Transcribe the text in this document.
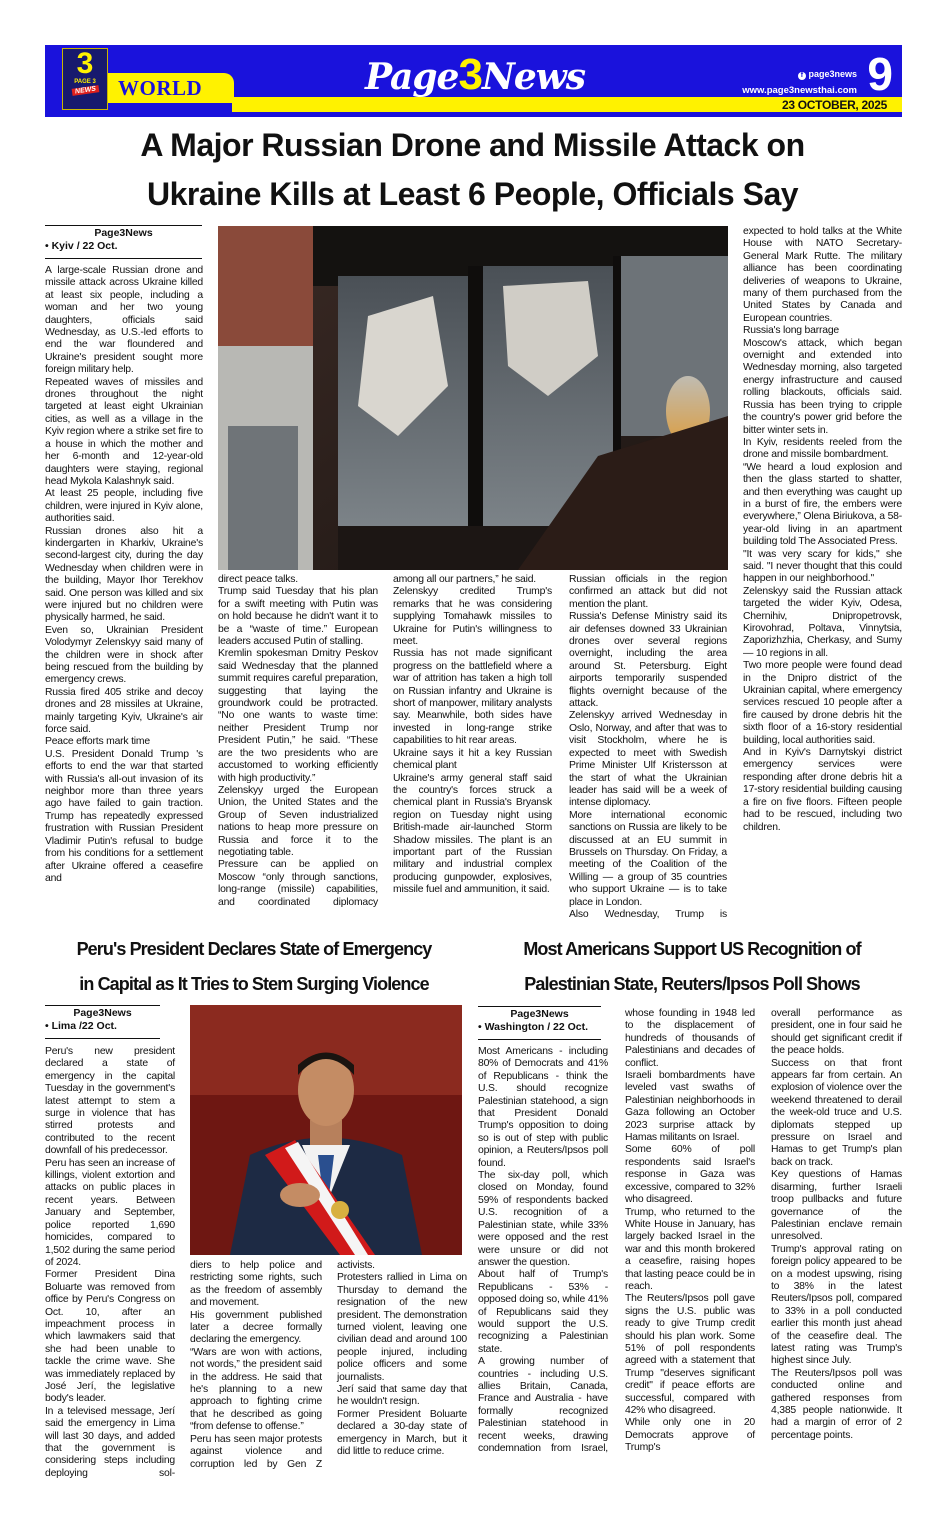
3
PAGE 3
NEWS WORLD	Page3News	f page3news
www.page3newsthai.com 9
23 OCTOBER, 2025
A Major Russian Drone and Missile Attack on
Ukraine Kills at Least 6 People, Officials Say
Page3News
• Kyiv / 22 Oct.

A large-scale Russian drone and missile attack across Ukraine killed at least six people, including a woman and her two young daughters, officials said Wednesday, as U.S.-led efforts to end the war floundered and Ukraine's president sought more foreign military help.

Repeated waves of missiles and drones throughout the night targeted at least eight Ukrainian cities, as well as a village in the Kyiv region where a strike set fire to a house in which the mother and her 6-month and 12-year-old daughters were staying, regional head Mykola Kalashnyk said.

At least 25 people, including five children, were injured in Kyiv alone, authorities said.

Russian drones also hit a kindergarten in Kharkiv, Ukraine's second-largest city, during the day Wednesday when children were in the building, Mayor Ihor Terekhov said. One person was killed and six were injured but no children were physically harmed, he said.

Even so, Ukrainian President Volodymyr Zelenskyy said many of the children were in shock after being rescued from the building by emergency crews.

Russia fired 405 strike and decoy drones and 28 missiles at Ukraine, mainly targeting Kyiv, Ukraine's air force said.

Peace efforts mark time

U.S. President Donald Trump 's efforts to end the war that started with Russia's all-out invasion of its neighbor more than three years ago have failed to gain traction. Trump has repeatedly expressed frustration with Russian President Vladimir Putin's refusal to budge from his conditions for a settlement after Ukraine offered a ceasefire and

direct peace talks.

Trump said Tuesday that his plan for a swift meeting with Putin was on hold because he didn't want it to be a “waste of time.” European leaders accused Putin of stalling.

Kremlin spokesman Dmitry Peskov said Wednesday that the planned summit requires careful preparation, suggesting that laying the groundwork could be protracted. “No one wants to waste time: neither President Trump nor President Putin,” he said. “These are the two presidents who are accustomed to working efficiently with high productivity.”

Zelenskyy urged the European Union, the United States and the Group of Seven industrialized nations to heap more pressure on Russia and force it to the negotiating table.

Pressure can be applied on Moscow “only through sanctions, long-range (missile) capabilities, and coordinated diplomacy

among all our partners,” he said.

Zelenskyy credited Trump's remarks that he was considering supplying Tomahawk missiles to Ukraine for Putin's willingness to meet.

Russia has not made significant progress on the battlefield where a war of attrition has taken a high toll on Russian infantry and Ukraine is short of manpower, military analysts say. Meanwhile, both sides have invested in long-range strike capabilities to hit rear areas.

Ukraine says it hit a key Russian chemical plant

Ukraine's army general staff said the country's forces struck a chemical plant in Russia's Bryansk region on Tuesday night using British-made air-launched Storm Shadow missiles. The plant is an important part of the Russian military and industrial complex producing gunpowder, explosives, missile fuel and ammunition, it said.

Russian officials in the region confirmed an attack but did not mention the plant.

Russia's Defense Ministry said its air defenses downed 33 Ukrainian drones over several regions overnight, including the area around St. Petersburg. Eight airports temporarily suspended flights overnight because of the attack.

Zelenskyy arrived Wednesday in Oslo, Norway, and after that was to visit Stockholm, where he is expected to meet with Swedish Prime Minister Ulf Kristersson at the start of what the Ukrainian leader has said will be a week of intense diplomacy.

More international economic sanctions on Russia are likely to be discussed at an EU summit in Brussels on Thursday. On Friday, a meeting of the Coalition of the Willing — a group of 35 countries who support Ukraine — is to take place in London.

Also Wednesday, Trump is

expected to hold talks at the White House with NATO Secretary-General Mark Rutte. The military alliance has been coordinating deliveries of weapons to Ukraine, many of them purchased from the United States by Canada and European countries.

Russia's long barrage

Moscow's attack, which began overnight and extended into Wednesday morning, also targeted energy infrastructure and caused rolling blackouts, officials said. Russia has been trying to cripple the country's power grid before the bitter winter sets in.

In Kyiv, residents reeled from the drone and missile bombardment.

“We heard a loud explosion and then the glass started to shatter, and then everything was caught up in a burst of fire, the embers were everywhere,” Olena Biriukova, a 58-year-old living in an apartment building told The Associated Press.

"It was very scary for kids," she said. "I never thought that this could happen in our neighborhood."

Zelenskyy said the Russian attack targeted the wider Kyiv, Odesa, Chernihiv, Dnipropetrovsk, Kirovohrad, Poltava, Vinnytsia, Zaporizhzhia, Cherkasy, and Sumy — 10 regions in all.

Two more people were found dead in the Dnipro district of the Ukrainian capital, where emergency services rescued 10 people after a fire caused by drone debris hit the sixth floor of a 16-story residential building, local authorities said.

And in Kyiv's Darnytskyi district emergency services were responding after drone debris hit a 17-story residential building causing a fire on five floors. Fifteen people had to be rescued, including two children.

Peru's President Declares State of Emergency
in Capital as It Tries to Stem Surging Violence
Page3News
• Lima /22 Oct.

Peru's new president declared a state of emergency in the capital Tuesday in the government's latest attempt to stem a surge in violence that has stirred protests and contributed to the recent downfall of his predecessor.

Peru has seen an increase of killings, violent extortion and attacks on public places in recent years. Between January and September, police reported 1,690 homicides, compared to 1,502 during the same period of 2024.

Former President Dina Boluarte was removed from office by Peru's Congress on Oct. 10, after an impeachment process in which lawmakers said that she had been unable to tackle the crime wave. She was immediately replaced by José Jerí, the legislative body's leader.

In a televised message, Jerí said the emergency in Lima will last 30 days, and added that the government is considering steps including deploying sol-

diers to help police and restricting some rights, such as the freedom of assembly and movement.

His government published later a decree formally declaring the emergency.

“Wars are won with actions, not words,” the president said in the address. He said that he's planning to a new approach to fighting crime that he described as going “from defense to offense.”

Peru has seen major protests against violence and corruption led by Gen Z

activists.

Protesters rallied in Lima on Thursday to demand the resignation of the new president. The demonstration turned violent, leaving one civilian dead and around 100 people injured, including police officers and some journalists.

Jerí said that same day that he wouldn't resign.

Former President Boluarte declared a 30-day state of emergency in March, but it did little to reduce crime.

Most Americans Support US Recognition of
Palestinian State, Reuters/Ipsos Poll Shows
Page3News
• Washington / 22 Oct.

Most Americans - including 80% of Democrats and 41% of Republicans - think the U.S. should recognize Palestinian statehood, a sign that President Donald Trump's opposition to doing so is out of step with public opinion, a Reuters/Ipsos poll found.

The six-day poll, which closed on Monday, found 59% of respondents backed U.S. recognition of a Palestinian state, while 33% were opposed and the rest were unsure or did not answer the question.

About half of Trump's Republicans - 53% - opposed doing so, while 41% of Republicans said they would support the U.S. recognizing a Palestinian state.

A growing number of countries - including U.S. allies Britain, Canada, France and Australia - have formally recognized Palestinian statehood in recent weeks, drawing condemnation from Israel,

whose founding in 1948 led to the displacement of hundreds of thousands of Palestinians and decades of conflict.

Israeli bombardments have leveled vast swaths of Palestinian neighborhoods in Gaza following an October 2023 surprise attack by Hamas militants on Israel.

Some 60% of poll respondents said Israel's response in Gaza was excessive, compared to 32% who disagreed.

Trump, who returned to the White House in January, has largely backed Israel in the war and this month brokered a ceasefire, raising hopes that lasting peace could be in reach.

The Reuters/Ipsos poll gave signs the U.S. public was ready to give Trump credit should his plan work. Some 51% of poll respondents agreed with a statement that Trump "deserves significant credit" if peace efforts are successful, compared with 42% who disagreed.

While only one in 20 Democrats approve of Trump's

overall performance as president, one in four said he should get significant credit if the peace holds.

Success on that front appears far from certain. An explosion of violence over the weekend threatened to derail the week-old truce and U.S. diplomats stepped up pressure on Israel and Hamas to get Trump's plan back on track.

Key questions of Hamas disarming, further Israeli troop pullbacks and future governance of the Palestinian enclave remain unresolved.

Trump's approval rating on foreign policy appeared to be on a modest upswing, rising to 38% in the latest Reuters/Ipsos poll, compared to 33% in a poll conducted earlier this month just ahead of the ceasefire deal. The latest rating was Trump's highest since July.

The Reuters/Ipsos poll was conducted online and gathered responses from 4,385 people nationwide. It had a margin of error of 2 percentage points.
